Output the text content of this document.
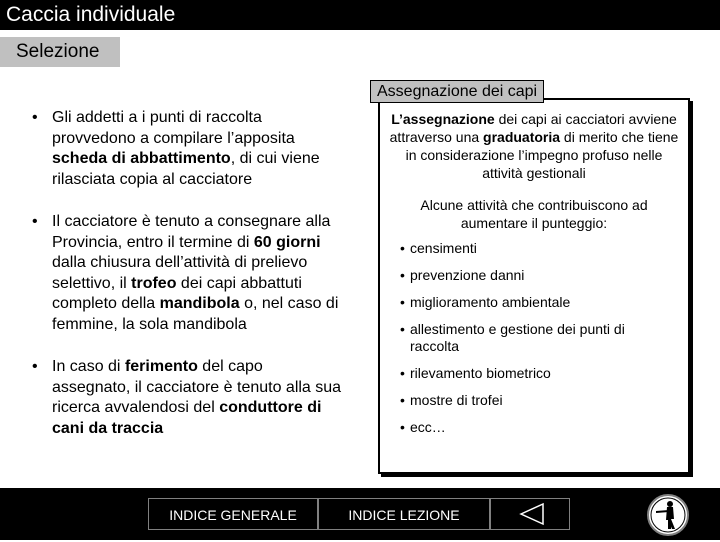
Caccia individuale
Selezione
• Gli addetti a i punti di raccolta provvedono a compilare l’apposita scheda di abbattimento, di cui viene rilasciata copia al cacciatore
• Il cacciatore è tenuto a consegnare alla Provincia, entro il termine di 60 giorni dalla chiusura dell’attività di prelievo selettivo, il trofeo dei capi abbattuti completo della mandibola o, nel caso di femmine, la sola mandibola
• In caso di ferimento del capo assegnato, il cacciatore è tenuto alla sua ricerca avvalendosi del conduttore di cani da traccia
L’assegnazione dei capi ai cacciatori avviene attraverso una graduatoria di merito che tiene in considerazione l’impegno profuso nelle attività gestionali
Alcune attività che contribuiscono ad aumentare il punteggio:
• censimenti
• prevenzione danni
• miglioramento ambientale
• allestimento e gestione dei punti di raccolta
• rilevamento biometrico
• mostre di trofei
• ecc…
Assegnazione dei capi
INDICE GENERALE	INDICE LEZIONE
